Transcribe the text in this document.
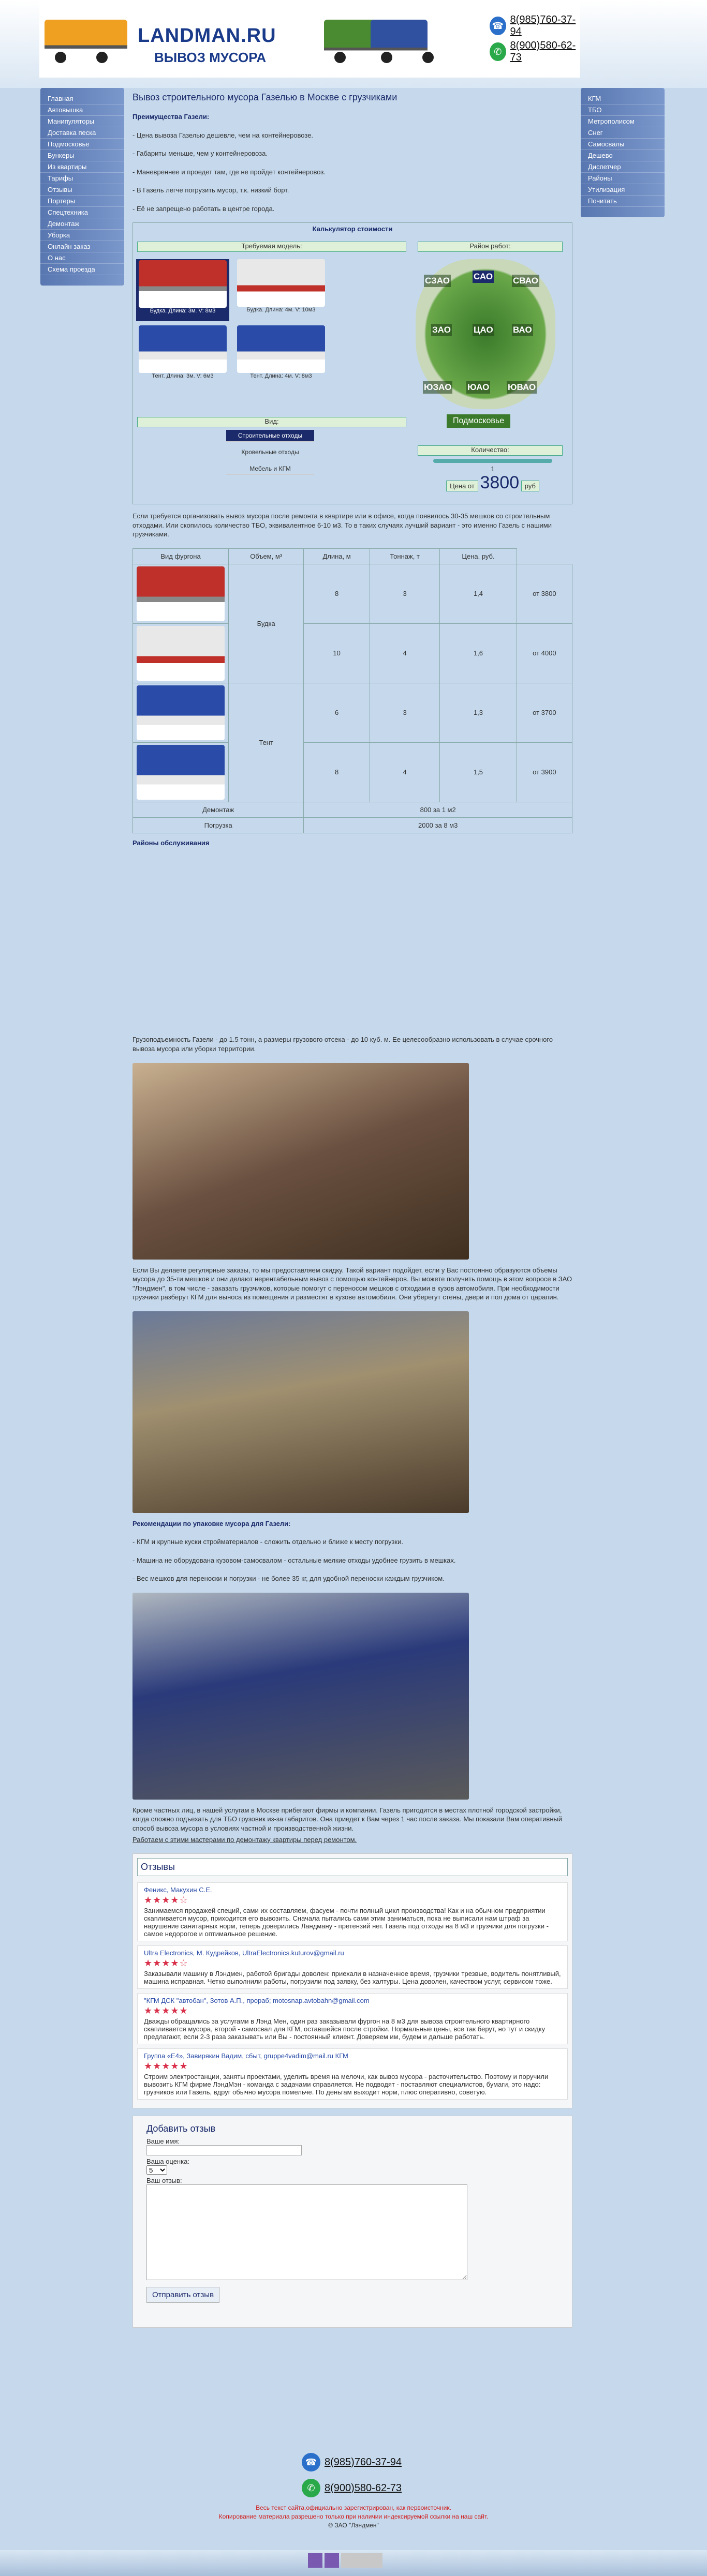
LANDMAN.RU
ВЫВОЗ МУСОРА
☎
8(985)760-37-94
✆
8(900)580-62-73
Главная
Автовышка
Манипуляторы
Доставка песка
Подмосковье
Бункеры
Из квартиры
Тарифы
Отзывы
Портеры
Спецтехника
Демонтаж
Уборка
Онлайн заказ
О нас
Схема проезда
КГМ
ТБО
Метрополисом
Снег
Самосвалы
Дешево
Диспетчер
Районы
Утилизация
Почитать
Вывоз строительного мусора Газелью в Москве с грузчиками

Преимущества Газели:

- Цена вывоза Газелью дешевле, чем на контейнеровозе.

- Габариты меньше, чем у контейнеровоза.

- Маневреннее и проедет там, где не пройдет контейнеровоз.

- В Газель легче погрузить мусор, т.к. низкий борт.

- Её не запрещено работать в центре города.

Калькулятор стоимости
Требуемая модель:	Район работ:
Будка. Длина: 3м. V: 8м3	Будка. Длина: 4м. V: 10м3
Тент. Длина: 3м. V: 6м3	Тент. Длина: 4м. V: 8м3
СЗАО	САО СВАО
ЗАО	ЦАО ВАО
ЮЗАО ЮАО ЮВАО
Подмосковье
Вид:
Строительные отходы
Кровельные отходы
Мебель и КГМ
Количество:
1
Цена от 3800 руб

Если требуется организовать вывоз мусора после ремонта в квартире или в офисе, когда появилось 30-35 мешков со строительным отходами. Или скопилось количество ТБО, эквивалентное 6-10 м3. То в таких случаях лучший вариант - это именно Газель с нашими грузчиками.

Вид фургона	Объем, м³	Длина, м	Тоннаж, т	Цена, руб.	

	Будка	8	3	1,4	от 3800

		10	4	1,6	от 4000

	Тент	6	3	1,3	от 3700

		8	4	1,5	от 3900
Демонтаж		800 за 1 м2			
Погрузка		2000 за 8 м3			

Районы обслуживания

Грузоподъемность Газели - до 1.5 тонн, а размеры грузового отсека - до 10 куб. м. Ее целесообразно использовать в случае срочного вывоза мусора или уборки территории.

Если Вы делаете регулярные заказы, то мы предоставляем скидку. Такой вариант подойдет, если у Вас постоянно образуются объемы мусора до 35-ти мешков и они делают нерентабельным вывоз с помощью контейнеров. Вы можете получить помощь в этом вопросе в ЗАО "Лэндмен", в том числе - заказать грузчиков, которые помогут с переносом мешков с отходами в кузов автомобиля. При необходимости грузчики разберут КГМ для выноса из помещения и разместят в кузове автомобиля. Они уберегут стены, двери и пол дома от царапин.

Рекомендации по упаковке мусора для Газели:

- КГМ и крупные куски стройматериалов - сложить отдельно и ближе к месту погрузки.

- Машина не оборудована кузовом-самосвалом - остальные мелкие отходы удобнее грузить в мешках.

- Вес мешков для переноски и погрузки - не более 35 кг, для удобной переноски каждым грузчиком.

Кроме частных лиц, в нашей услугам в Москве прибегают фирмы и компании. Газель пригодится в местах плотной городской застройки, когда сложно подъехать для ТБО грузовик из-за габаритов. Она приедет к Вам через 1 час после заказа. Мы показали Вам оперативный способ вывоза мусора в условиях частной и производственной жизни.

Работаем с этими мастерами по демонтажу квартиры перед ремонтом.

Отзывы
Феникс, Макухин С.Е.
★★★★☆
Занимаемся продажей специй, сами их составляем, фасуем - почти полный цикл производства! Как и на обычном предприятии скапливается мусор, приходится его вывозить. Сначала пытались сами этим заниматься, пока не выписали нам штраф за нарушение санитарных норм, теперь доверились Ландману - претензий нет. Газель под отходы на 8 м3 и грузчики для погрузки - самое недорогое и оптимальное решение.
Ultra Electronics, М. Кудрейков, UltraElectronics.kuturov@gmail.ru
★★★★☆
Заказывали машину в Лэндмен, работой бригады доволен: приехали в назначенное время, грузчики трезвые, водитель понятливый, машина исправная. Четко выполнили работы, погрузили под заявку, без халтуры. Цена доволен, качеством услуг, сервисом тоже.
"КГМ ДСК "автобан", Зотов А.П., прораб; motosnap.avtobahn@gmail.com
★★★★★
Дважды обращались за услугами в Лэнд Мен, один раз заказывали фургон на 8 м3 для вывоза строительного квартирного скапливается мусора, второй - самосвал для КГМ, оставшейся после стройки. Нормальные цены, все так берут, но тут и скидку предлагают, если 2-3 раза заказывать или Вы - постоянный клиент. Доверяем им, будем и дальше работать.
Группа «Е4», Завирякин Вадим, сбыт, gruppe4vadim@mail.ru КГМ
★★★★★
Строим электростанции, заняты проектами, уделить время на мелочи, как вывоз мусора - расточительство. Поэтому и поручили вывозить КГМ фирме ЛэндМэн - команда с задачами справляется. Не подводят - поставляют специалистов, бумаги, это надо: грузчиков или Газель, вдруг обычно мусора помельче. По деньгам выходит норм, плюс оперативно, советую.
Добавить отзыв
Ваше имя:
Ваша оценка:
5
Ваш отзыв:

Отправить отзыв
☎ 8(985)760-37-94
✆ 8(900)580-62-73
Весь текст сайта,официально зарегистрирован, как первоисточник.
Копирование материала разрешено только при наличии индексируемой ссылки на наш сайт.
© ЗАО "Лэндмен"
